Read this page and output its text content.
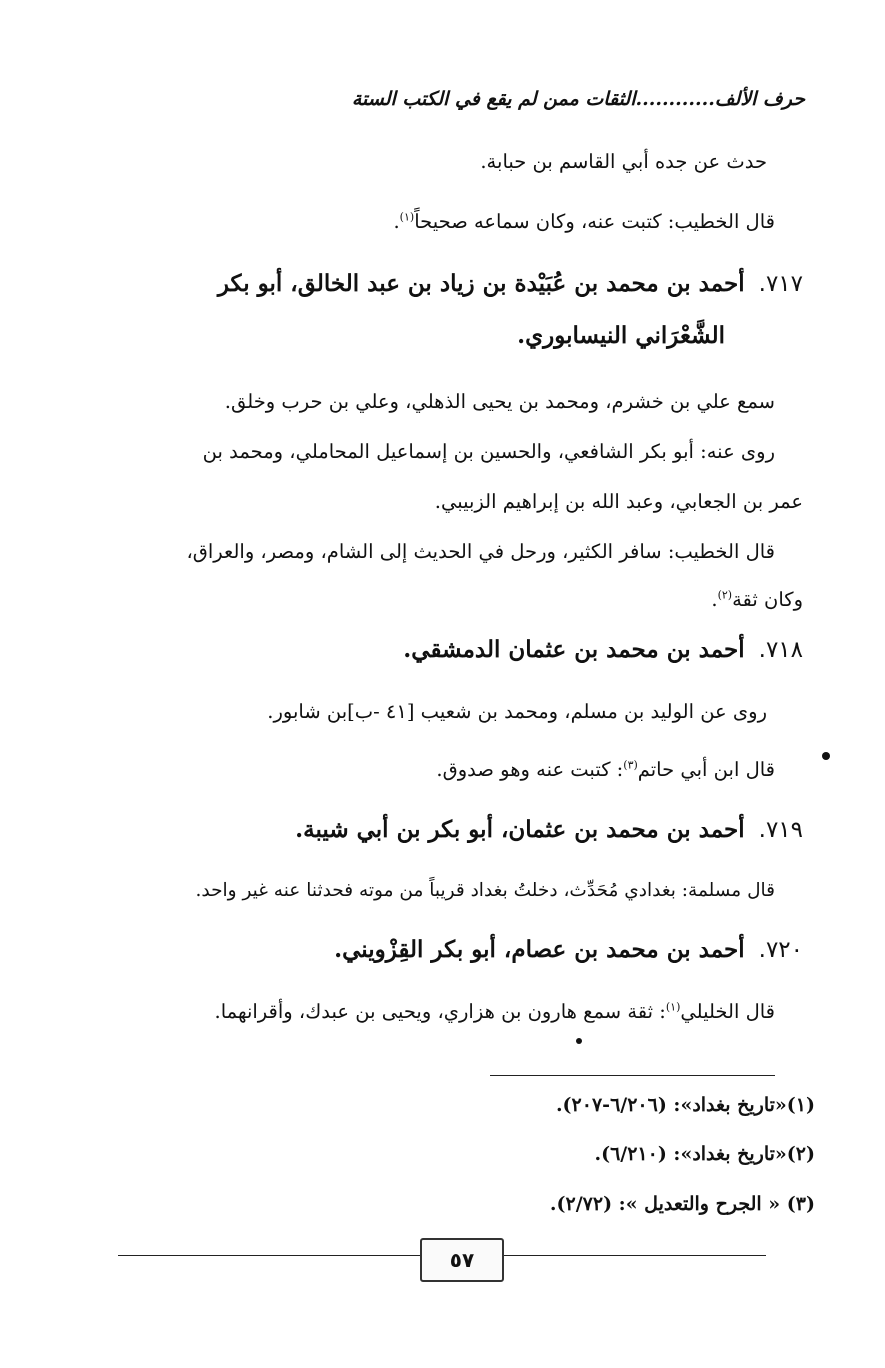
حرف الألف............الثقات ممن لم يقع في الكتب الستة
حدث عن جده أبي القاسم بن حبابة.
قال الخطيب: كتبت عنه، وكان سماعه صحيحاً$^{(١)}$.
٧١٧.أحمد بن محمد بن عُبَيْدة بن زياد بن عبد الخالق، أبو بكر
الشَّعْرَاني النيسابوري.
سمع علي بن خشرم، ومحمد بن يحيى الذهلي، وعلي بن حرب وخلق.
روى عنه: أبو بكر الشافعي، والحسين بن إسماعيل المحاملي، ومحمد بن
عمر بن الجعابي، وعبد الله بن إبراهيم الزبيبي.
قال الخطيب: سافر الكثير، ورحل في الحديث إلى الشام، ومصر، والعراق،
وكان ثقة$^{(٢)}$.
٧١٨.أحمد بن محمد بن عثمان الدمشقي.
روى عن الوليد بن مسلم، ومحمد بن شعيب [٤١ -ب]بن شابور.
قال ابن أبي حاتم$^{(٣)}$: كتبت عنه وهو صدوق.
٧١٩.أحمد بن محمد بن عثمان، أبو بكر بن أبي شيبة.
قال مسلمة: بغدادي مُحَدِّث، دخلتُ بغداد قريباً من موته فحدثنا عنه غير واحد.
٧٢٠.أحمد بن محمد بن عصام، أبو بكر القِزْويني.
قال الخليلي$^{(١)}$: ثقة سمع هارون بن هزاري، ويحيى بن عبدك، وأقرانهما.
(١)«تاريخ بغداد»: (٦/٢٠٦-٢٠٧).
(٢)«تاريخ بغداد»: (٦/٢١٠).
(٣) « الجرح والتعديل »: (٢/٧٢).
٥٧
